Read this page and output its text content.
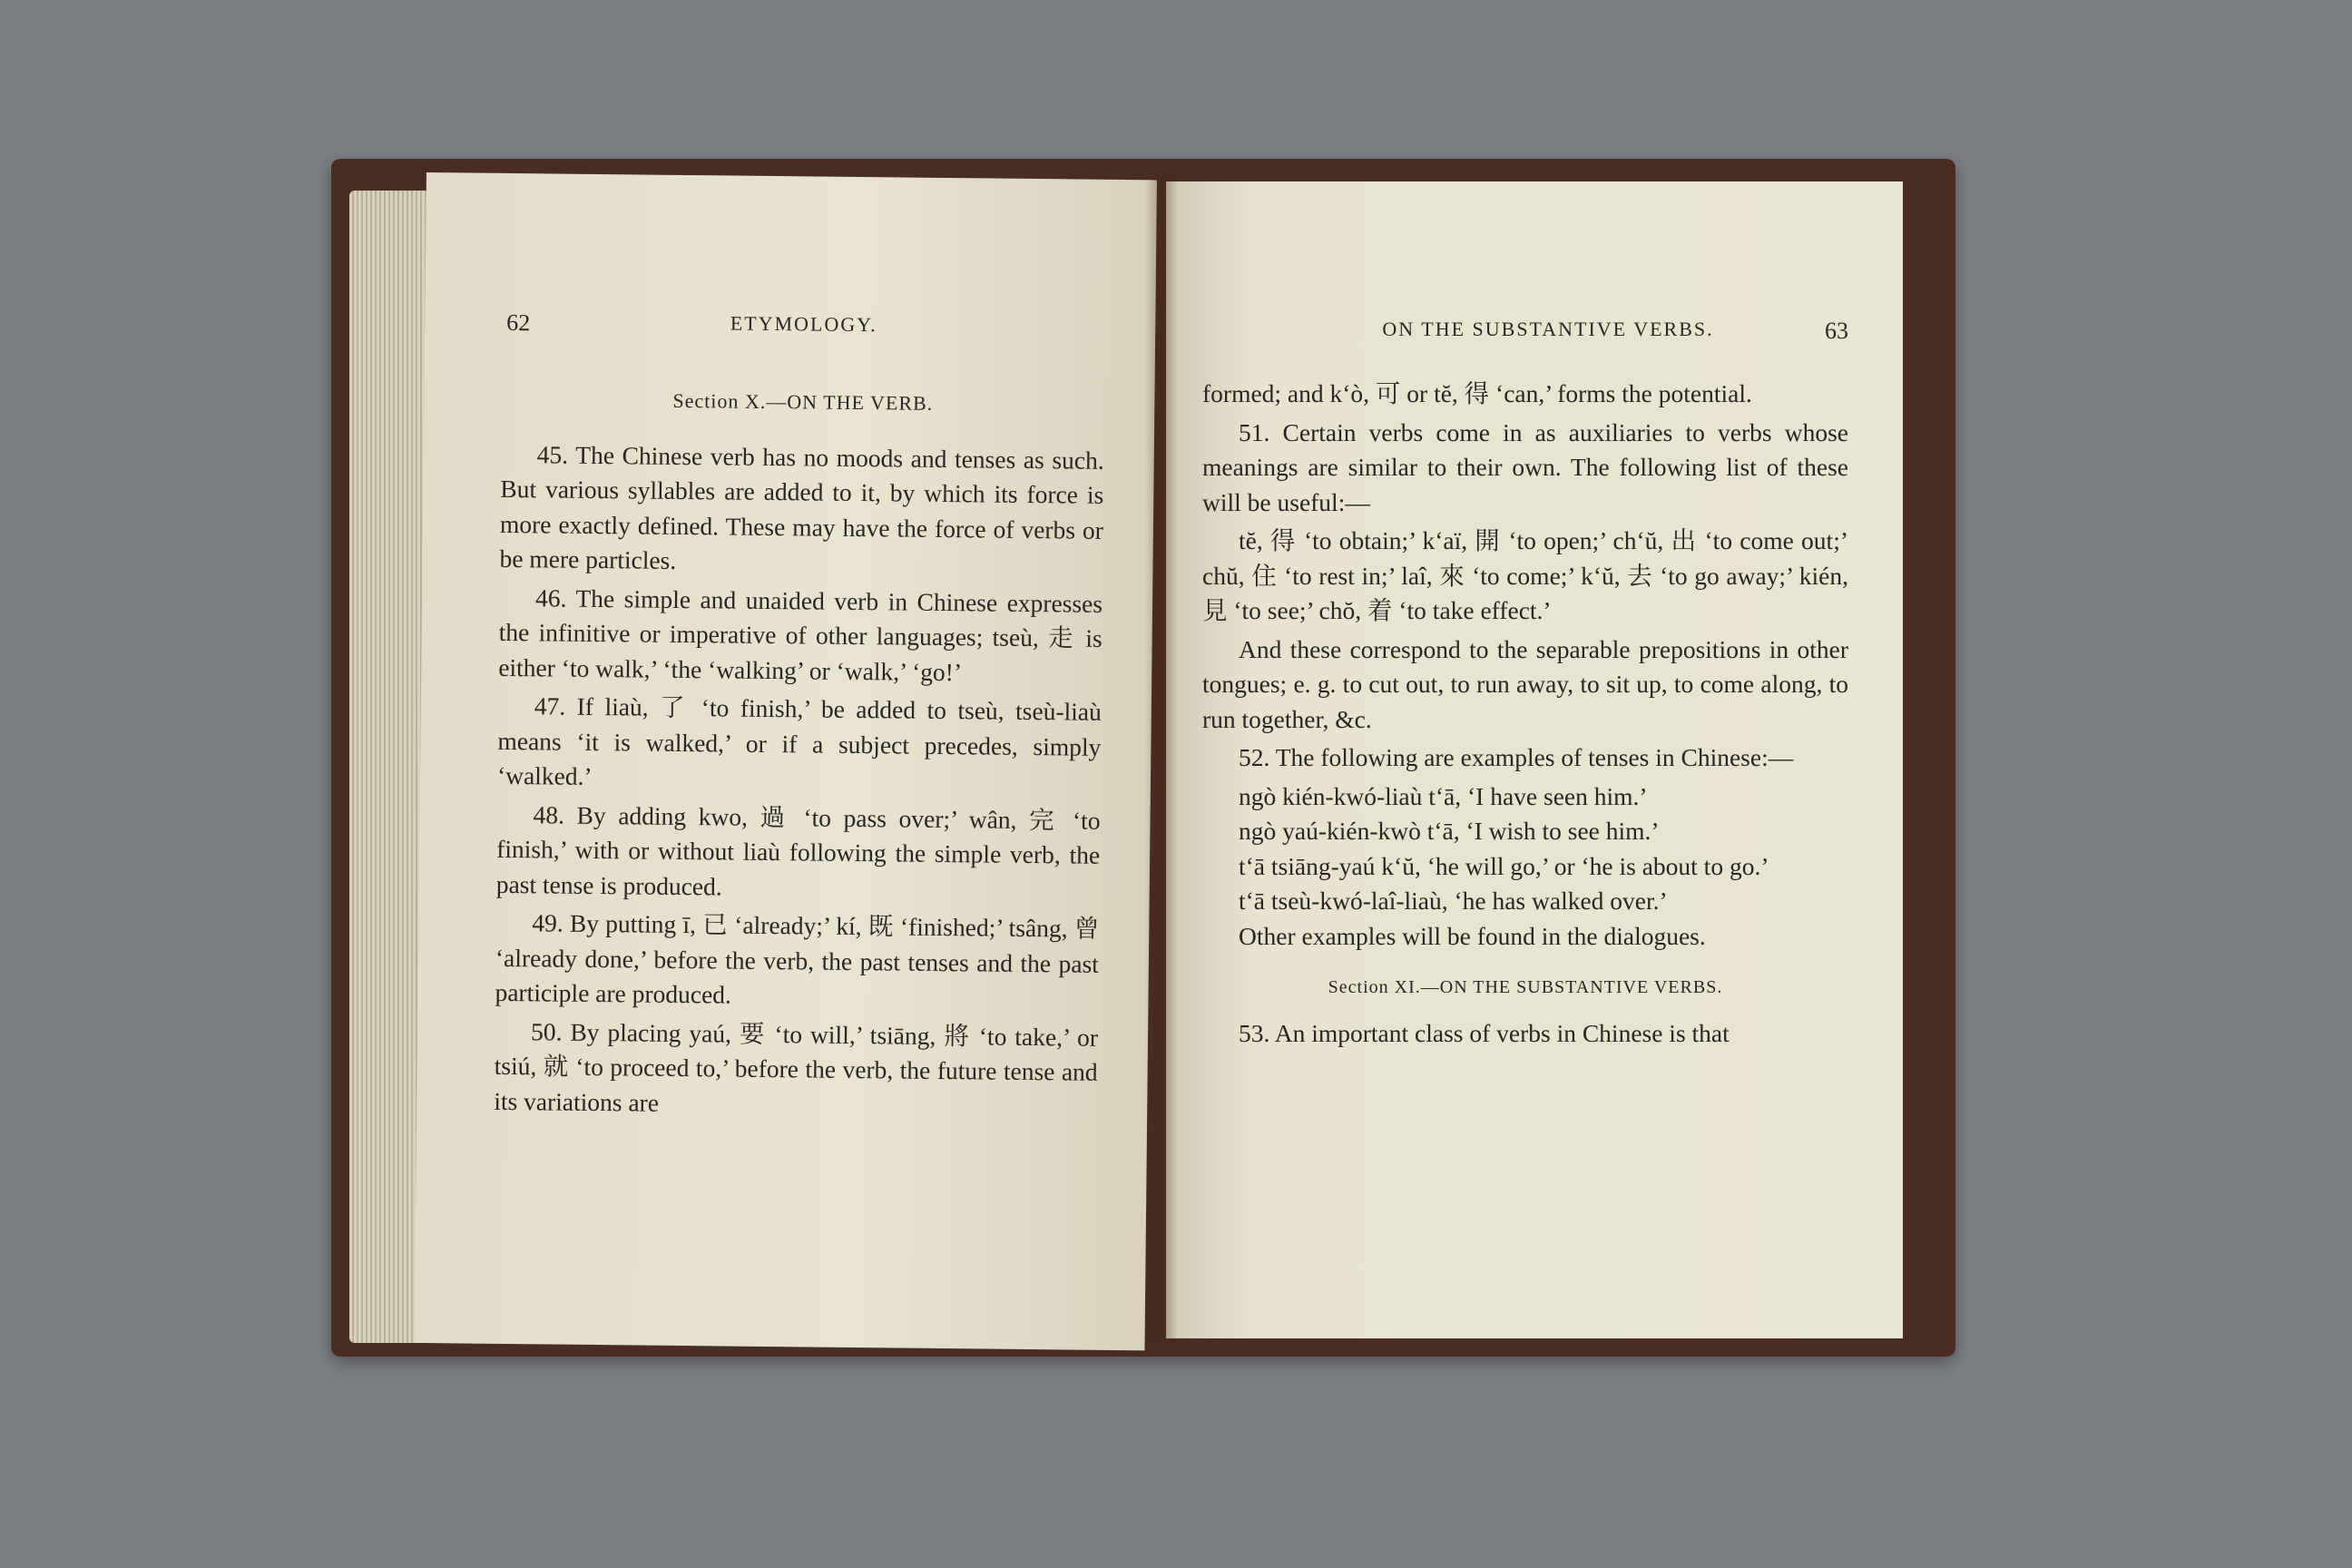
62	ETYMOLOGY.

Section X.—ON THE VERB.

45. The Chinese verb has no moods and tenses as such. But various syllables are added to it, by which its force is more exactly defined. These may have the force of verbs or be mere particles.

46. The simple and unaided verb in Chinese expresses the infinitive or imperative of other languages; tseù, 走 is either ‘to walk,’ ‘the ‘walking’ or ‘walk,’ ‘go!’

47. If liaù, 了 ‘to finish,’ be added to tseù, tseù-liaù means ‘it is walked,’ or if a subject precedes, simply ‘walked.’

48. By adding kwo, 過 ‘to pass over;’ wân, 完 ‘to finish,’ with or without liaù following the simple verb, the past tense is produced.

49. By putting ī, 已 ‘already;’ kí, 既 ‘finished;’ tsâng, 曾 ‘already done,’ before the verb, the past tenses and the past participle are produced.

50. By placing yaú, 要 ‘to will,’ tsiāng, 將 ‘to take,’ or tsiú, 就 ‘to proceed to,’ before the verb, the future tense and its variations are

ON THE SUBSTANTIVE VERBS.	63

formed; and k‘ò, 可 or tĕ, 得 ‘can,’ forms the potential.

51. Certain verbs come in as auxiliaries to verbs whose meanings are similar to their own. The following list of these will be useful:—

tĕ, 得 ‘to obtain;’ k‘aï, 開 ‘to open;’ ch‘ŭ, 出 ‘to come out;’ chŭ, 住 ‘to rest in;’ laî, 來 ‘to come;’ k‘ŭ, 去 ‘to go away;’ kién, 見 ‘to see;’ chŏ, 着 ‘to take effect.’

And these correspond to the separable prepositions in other tongues; e. g. to cut out, to run away, to sit up, to come along, to run together, &c.

52. The following are examples of tenses in Chinese:—

ngò kién-kwó-liaù t‘ā, ‘I have seen him.’

ngò yaú-kién-kwò t‘ā, ‘I wish to see him.’

t‘ā tsiāng-yaú k‘ŭ, ‘he will go,’ or ‘he is about to go.’

t‘ā tseù-kwó-laî-liaù, ‘he has walked over.’

Other examples will be found in the dialogues.

Section XI.—ON THE SUBSTANTIVE VERBS.

53. An important class of verbs in Chinese is that
